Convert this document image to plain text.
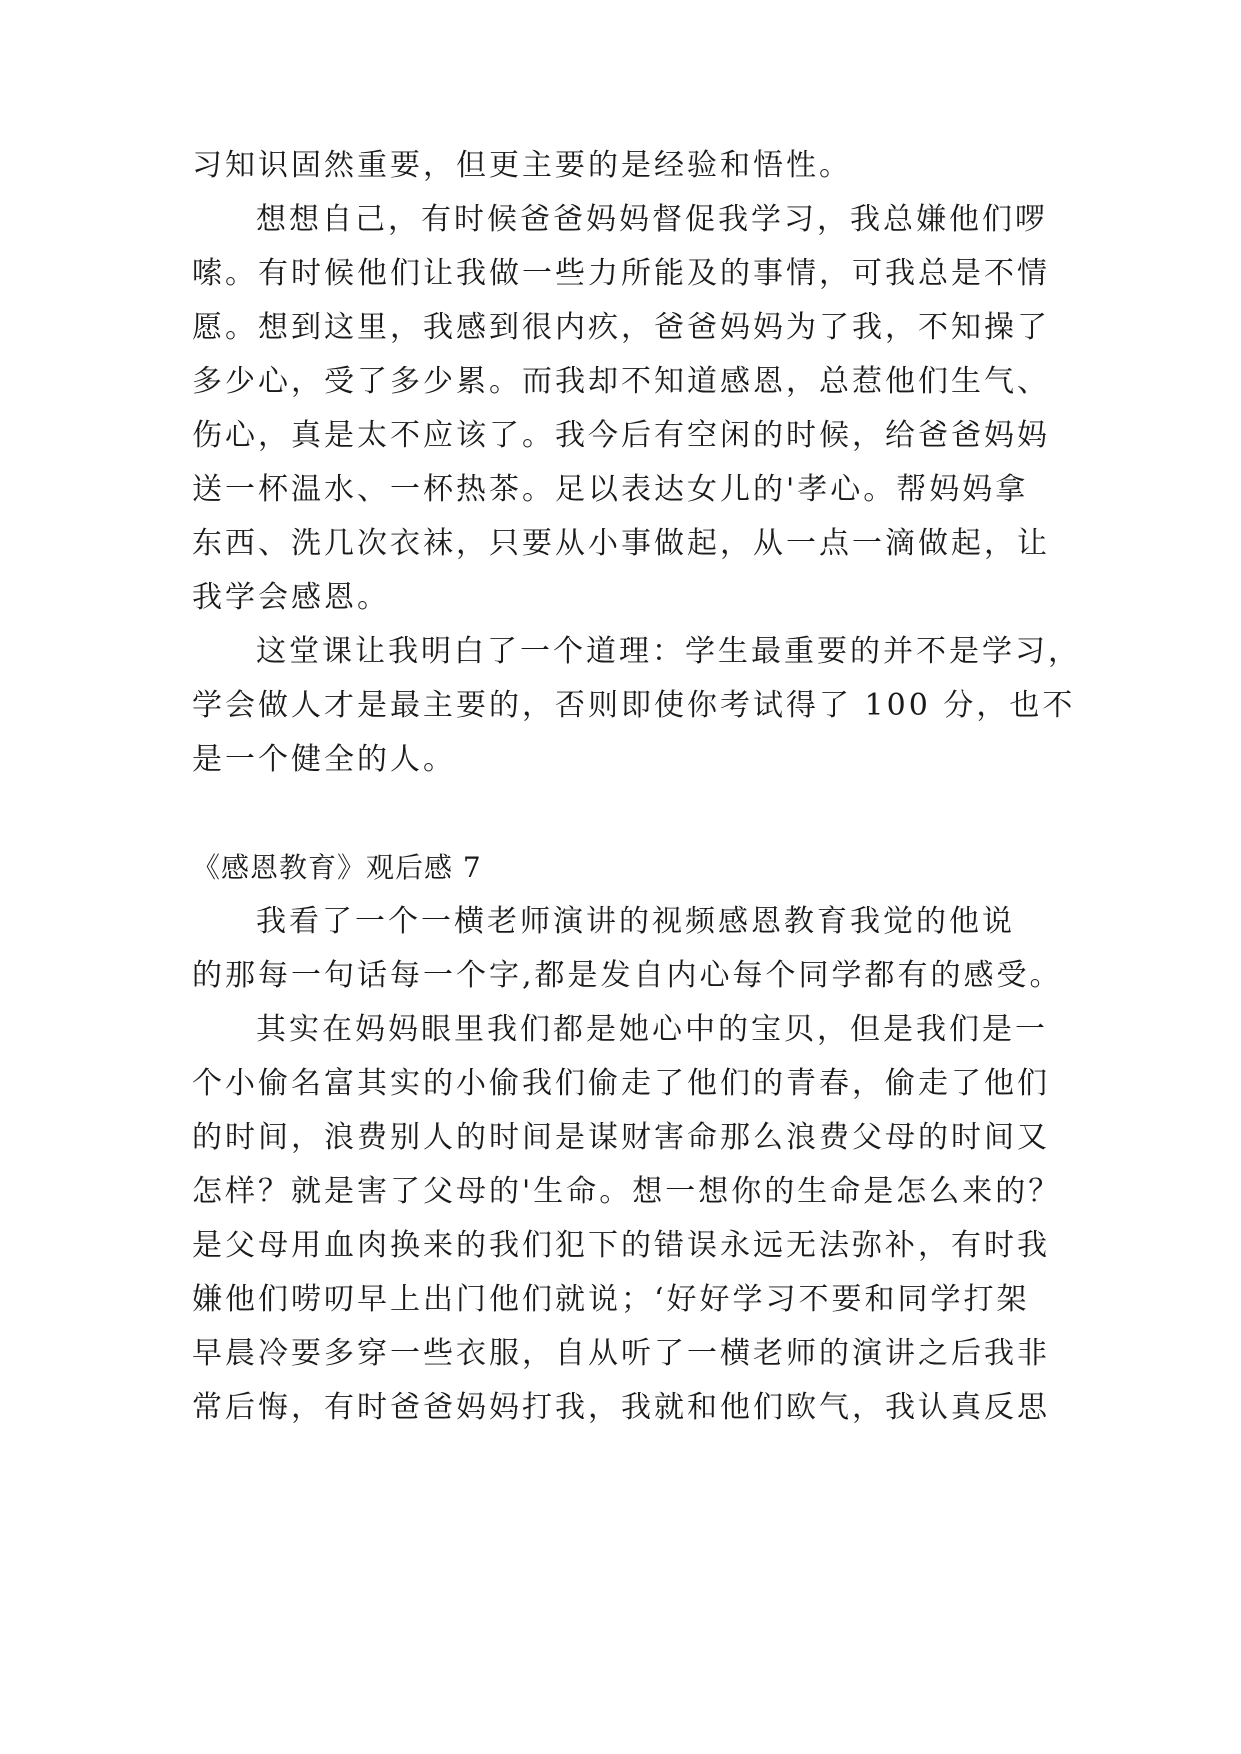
习知识固然重要，但更主要的是经验和悟性。
想想自己，有时候爸爸妈妈督促我学习，我总嫌他们啰
嗦。有时候他们让我做一些力所能及的事情，可我总是不情
愿。想到这里，我感到很内疚，爸爸妈妈为了我，不知操了
多少心，受了多少累。而我却不知道感恩，总惹他们生气、
伤心，真是太不应该了。我今后有空闲的时候，给爸爸妈妈
送一杯温水、一杯热茶。足以表达女儿的'孝心。帮妈妈拿
东西、洗几次衣袜，只要从小事做起，从一点一滴做起，让
我学会感恩。
这堂课让我明白了一个道理：学生最重要的并不是学习，
学会做人才是最主要的，否则即使你考试得了 100 分，也不
是一个健全的人。
《感恩教育》观后感 7
我看了一个一横老师演讲的视频感恩教育我觉的他说
的那每一句话每一个字,都是发自内心每个同学都有的感受。
其实在妈妈眼里我们都是她心中的宝贝，但是我们是一
个小偷名富其实的小偷我们偷走了他们的青春，偷走了他们
的时间，浪费别人的时间是谋财害命那么浪费父母的时间又
怎样？就是害了父母的'生命。想一想你的生命是怎么来的？
是父母用血肉换来的我们犯下的错误永远无法弥补，有时我
嫌他们唠叨早上出门他们就说；‘好好学习不要和同学打架
早晨冷要多穿一些衣服，自从听了一横老师的演讲之后我非
常后悔，有时爸爸妈妈打我，我就和他们欧气，我认真反思
